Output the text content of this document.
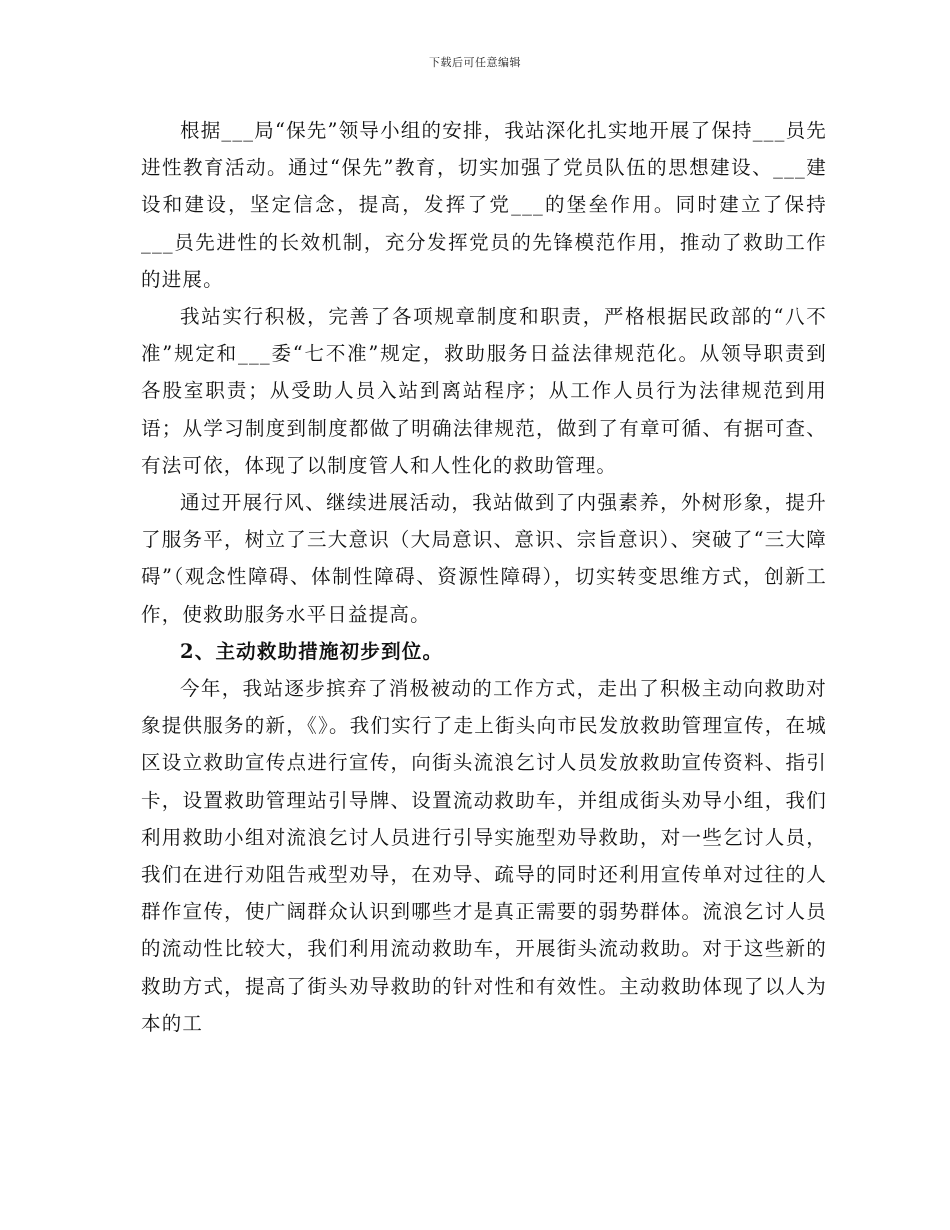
下载后可任意编辑

根据___局“保先”领导小组的安排，我站深化扎实地开展了保持___员先进性教育活动。通过“保先”教育，切实加强了党员队伍的思想建设、___建设和建设，坚定信念，提高，发挥了党___的堡垒作用。同时建立了保持___员先进性的长效机制，充分发挥党员的先锋模范作用，推动了救助工作的进展。

我站实行积极，完善了各项规章制度和职责，严格根据民政部的“八不准”规定和___委“七不准”规定，救助服务日益法律规范化。从领导职责到各股室职责；从受助人员入站到离站程序；从工作人员行为法律规范到用语；从学习制度到制度都做了明确法律规范，做到了有章可循、有据可查、有法可依，体现了以制度管人和人性化的救助管理。

通过开展行风、继续进展活动，我站做到了内强素养，外树形象，提升了服务平，树立了三大意识（大局意识、意识、宗旨意识）、突破了“三大障碍”（观念性障碍、体制性障碍、资源性障碍），切实转变思维方式，创新工作，使救助服务水平日益提高。

2、主动救助措施初步到位。

今年，我站逐步摈弃了消极被动的工作方式，走出了积极主动向救助对象提供服务的新，《》。我们实行了走上街头向市民发放救助管理宣传，在城区设立救助宣传点进行宣传，向街头流浪乞讨人员发放救助宣传资料、指引卡，设置救助管理站引导牌、设置流动救助车，并组成街头劝导小组，我们利用救助小组对流浪乞讨人员进行引导实施型劝导救助，对一些乞讨人员，我们在进行劝阻告戒型劝导，在劝导、疏导的同时还利用宣传单对过往的人群作宣传，使广阔群众认识到哪些才是真正需要的弱势群体。流浪乞讨人员的流动性比较大，我们利用流动救助车，开展街头流动救助。对于这些新的救助方式，提高了街头劝导救助的针对性和有效性。主动救助体现了以人为本的工
